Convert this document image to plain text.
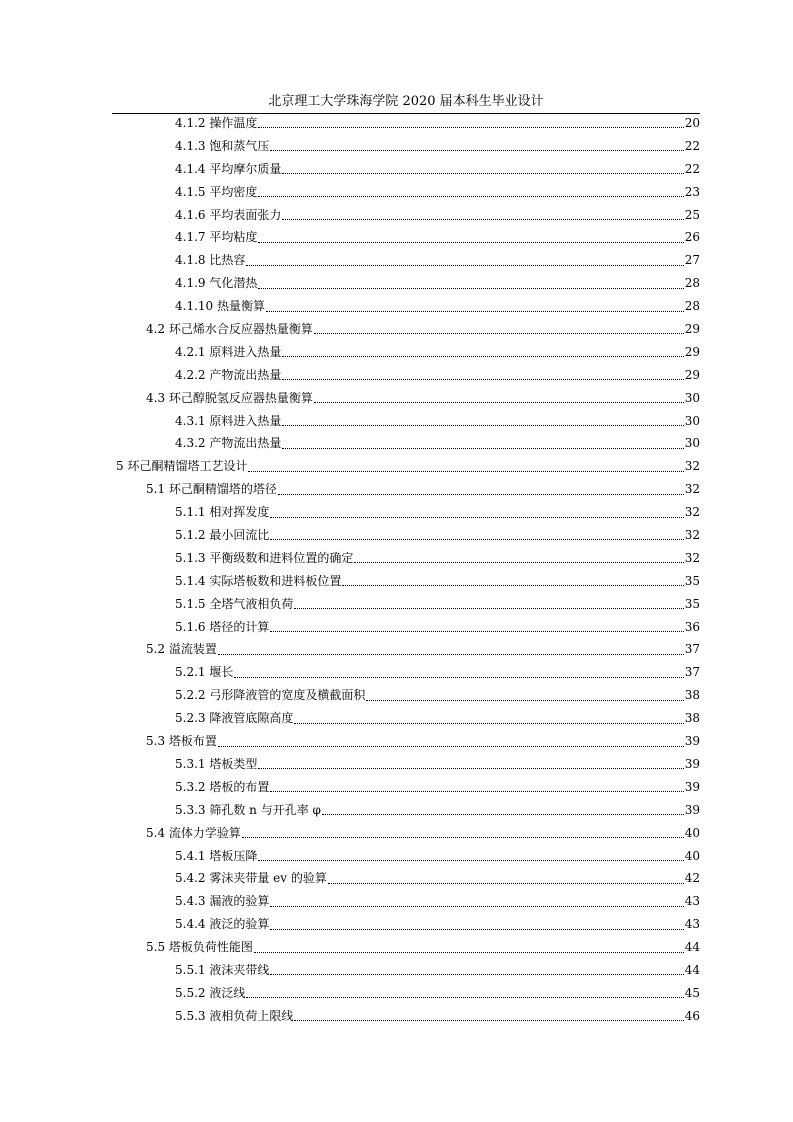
北京理工大学珠海学院 2020 届本科生毕业设计
4.1.2 操作温度	20
4.1.3 饱和蒸气压	22
4.1.4 平均摩尔质量	22
4.1.5 平均密度	23
4.1.6 平均表面张力	25
4.1.7 平均粘度	26
4.1.8 比热容	27
4.1.9 气化潜热	28
4.1.10 热量衡算	28
4.2 环己烯水合反应器热量衡算	29
4.2.1 原料进入热量	29
4.2.2 产物流出热量	29
4.3 环己醇脱氢反应器热量衡算	30
4.3.1 原料进入热量	30
4.3.2 产物流出热量	30
5 环己酮精馏塔工艺设计	32
5.1 环己酮精馏塔的塔径	32
5.1.1 相对挥发度	32
5.1.2 最小回流比	32
5.1.3 平衡级数和进料位置的确定	32
5.1.4 实际塔板数和进料板位置	35
5.1.5 全塔气液相负荷	35
5.1.6 塔径的计算	36
5.2 溢流装置	37
5.2.1 堰长	37
5.2.2 弓形降液管的宽度及横截面积	38
5.2.3 降液管底隙高度	38
5.3 塔板布置	39
5.3.1 塔板类型	39
5.3.2 塔板的布置	39
5.3.3 筛孔数 n 与开孔率 φ	39
5.4 流体力学验算	40
5.4.1 塔板压降	40
5.4.2 雾沫夹带量 ev 的验算	42
5.4.3 漏液的验算	43
5.4.4 液泛的验算	43
5.5 塔板负荷性能图	44
5.5.1 液沫夹带线	44
5.5.2 液泛线	45
5.5.3 液相负荷上限线	46
